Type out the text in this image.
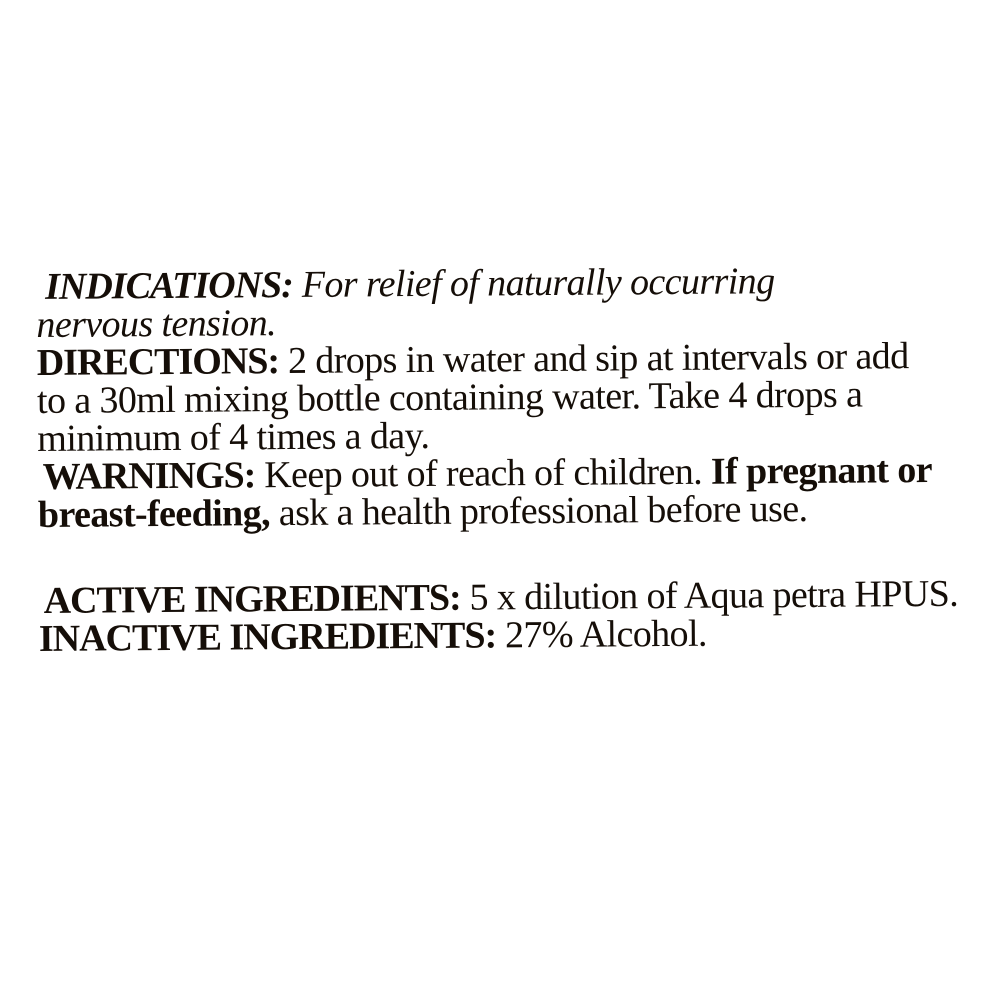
INDICATIONS: For relief of naturally occurring
nervous tension.

DIRECTIONS: 2 drops in water and sip at intervals or add
to a 30ml mixing bottle containing water. Take 4 drops a
minimum of 4 times a day.

WARNINGS: Keep out of reach of children. If pregnant or
breast-feeding, ask a health professional before use.

ACTIVE INGREDIENTS: 5 x dilution of Aqua petra HPUS.

INACTIVE INGREDIENTS: 27% Alcohol.
